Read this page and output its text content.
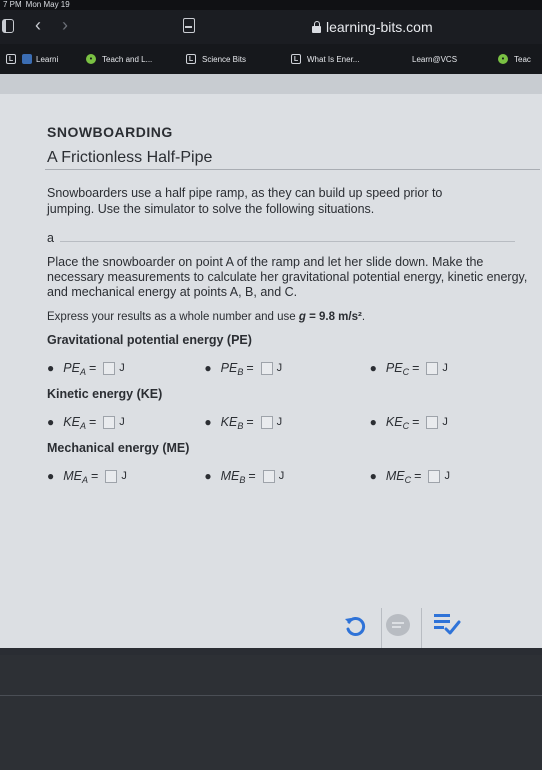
7 PM Mon May 19
‹ ›	learning-bits.com
L	Learni	•	Teach and L...	L	Science Bits	L	What Is Ener...	Learn@VCS	•	Teac
SNOWBOARDING
A Frictionless Half-Pipe
Snowboarders use a half pipe ramp, as they can build up speed prior to jumping. Use the simulator to solve the following situations.
a
Place the snowboarder on point A of the ramp and let her slide down. Make the necessary measurements to calculate her gravitational potential energy, kinetic energy, and mechanical energy at points A, B, and C.
Express your results as a whole number and use g = 9.8 m/s².
Gravitational potential energy (PE)
● PE A = J	● PE B = J	● PE C = J
Kinetic energy (KE)
● KE A = J	● KE B = J	● KE C = J
Mechanical energy (ME)
● ME A = J	● ME B = J	● ME C = J
